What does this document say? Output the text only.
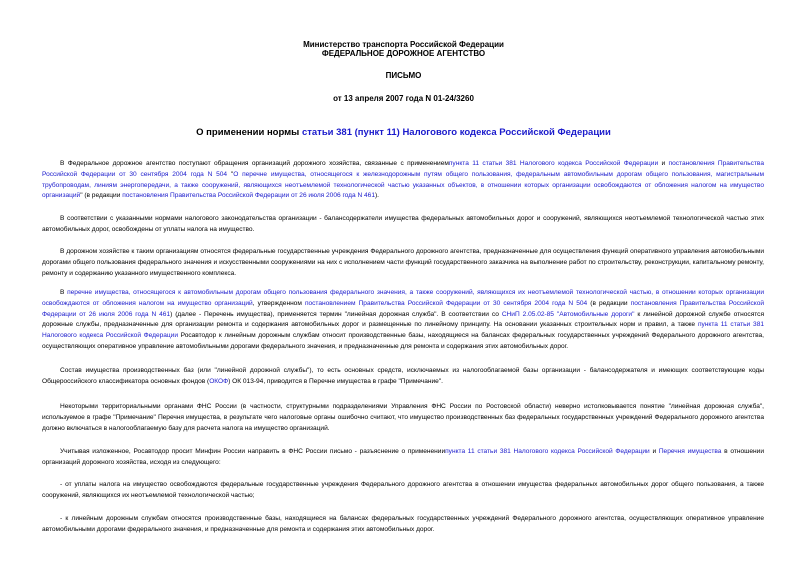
Министерство транспорта Российской Федерации
ФЕДЕРАЛЬНОЕ ДОРОЖНОЕ АГЕНТСТВО
ПИСЬМО
от 13 апреля 2007 года N 01-24/3260
О применении нормы статьи 381 (пункт 11) Налогового кодекса Российской Федерации

В Федеральное дорожное агентство поступают обращения организаций дорожного хозяйства, связанные с применениемпункта 11 статьи 381 Налогового кодекса Российской Федерации и постановления Правительства Российской Федерации от 30 сентября 2004 года N 504 "О перечне имущества, относящегося к железнодорожным путям общего пользования, федеральным автомобильным дорогам общего пользования, магистральным трубопроводам, линиям энергопередачи, а также сооружений, являющихся неотъемлемой технологической частью указанных объектов, в отношении которых организации освобождаются от обложения налогом на имущество организаций" (в редакции постановления Правительства Российской Федерации от 26 июля 2006 года N 461).

В соответствии с указанными нормами налогового законодательства организации - балансодержатели имущества федеральных автомобильных дорог и сооружений, являющихся неотъемлемой технологической частью этих автомобильных дорог, освобождены от уплаты налога на имущество.

В дорожном хозяйстве к таким организациям относятся федеральные государственные учреждения Федерального дорожного агентства, предназначенные для осуществления функций оперативного управления автомобильными дорогами общего пользования федерального значения и искусственными сооружениями на них с исполнением части функций государственного заказчика на выполнение работ по строительству, реконструкции, капитальному ремонту, ремонту и содержанию указанного имущественного комплекса.

В перечне имущества, относящегося к автомобильным дорогам общего пользования федерального значения, а также сооружений, являющихся их неотъемлемой технологической частью, в отношении которых организации освобождаются от обложения налогом на имущество организаций, утвержденном постановлением Правительства Российской Федерации от 30 сентября 2004 года N 504 (в редакции постановления Правительства Российской Федерации от 26 июля 2006 года N 461) (далее - Перечень имущества), применяется термин "линейная дорожная служба". В соответствии со СНиП 2.05.02-85 "Автомобильные дороги" к линейной дорожной службе относятся дорожные службы, предназначенные для организации ремонта и содержания автомобильных дорог и размещенные по линейному принципу. На основании указанных строительных норм и правил, а также пункта 11 статьи 381 Налогового кодекса Российской Федерации Росавтодор к линейным дорожным службам относит производственные базы, находящиеся на балансах федеральных государственных учреждений Федерального дорожного агентства, осуществляющих оперативное управление автомобильными дорогами федерального значения, и предназначенные для ремонта и содержания этих автомобильных дорог.

Состав имущества производственных баз (или "линейной дорожной службы"), то есть основных средств, исключаемых из налогооблагаемой базы организации - балансодержателя и имеющих соответствующие коды Общероссийского классификатора основных фондов (ОКОФ) ОК 013-94, приводится в Перечне имущества в графе "Примечание".

Некоторыми территориальными органами ФНС России (в частности, структурными подразделениями Управления ФНС России по Ростовской области) неверно истолковывается понятие "линейная дорожная служба", используемое в графе "Примечание" Перечня имущества, в результате чего налоговые органы ошибочно считают, что имущество производственных баз федеральных государственных учреждений Федерального дорожного агентства должно включаться в налогооблагаемую базу для расчета налога на имущество организаций.

Учитывая изложенное, Росавтодор просит Минфин России направить в ФНС России письмо - разъяснение о применениипункта 11 статьи 381 Налогового кодекса Российской Федерации и Перечня имущества в отношении организаций дорожного хозяйства, исходя из следующего:

- от уплаты налога на имущество освобождаются федеральные государственные учреждения Федерального дорожного агентства в отношении имущества федеральных автомобильных дорог общего пользования, а также сооружений, являющихся их неотъемлемой технологической частью;

- к линейным дорожным службам относятся производственные базы, находящиеся на балансах федеральных государственных учреждений Федерального дорожного агентства, осуществляющих оперативное управление автомобильными дорогами федерального значения, и предназначенные для ремонта и содержания этих автомобильных дорог.
